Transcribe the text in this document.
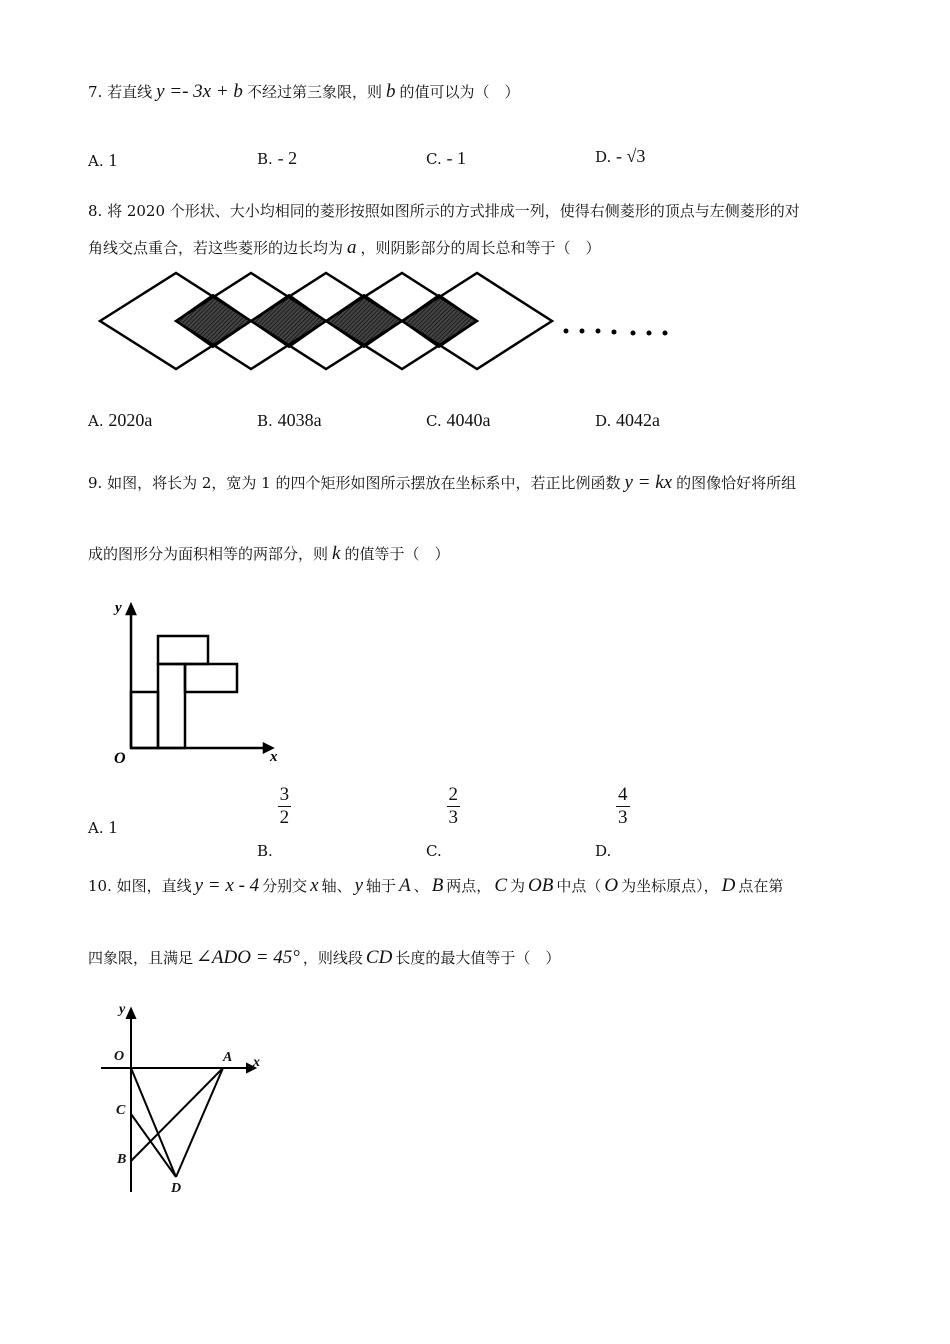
7. 若直线 y =- 3x + b 不经过第三象限，则 b 的值可以为（　）
A. 1	B. - 2	C. - 1	D. - √3
8. 将 2020 个形状、大小均相同的菱形按照如图所示的方式排成一列，使得右侧菱形的顶点与左侧菱形的对
角线交点重合，若这些菱形的边长均为 a ，则阴影部分的周长总和等于（　）
A. 2020a	B. 4038a	C. 4040a	D. 4042a
9. 如图，将长为 2，宽为 1 的四个矩形如图所示摆放在坐标系中，若正比例函数 y = kx 的图像恰好将所组
成的图形分为面积相等的两部分，则 k 的值等于（　）
y
x
O
A. 1
B.
$\frac{3}{2}$
C.
$\frac{2}{3}$
D.
$\frac{4}{3}$
10. 如图，直线 y = x - 4 分别交 x 轴、 y 轴于 A 、 B 两点， C 为 OB 中点（ O 为坐标原点）， D 点在第
四象限，且满足 ∠ADO = 45° ，则线段 CD 长度的最大值等于（　）
y
O	A x
C
B
D
